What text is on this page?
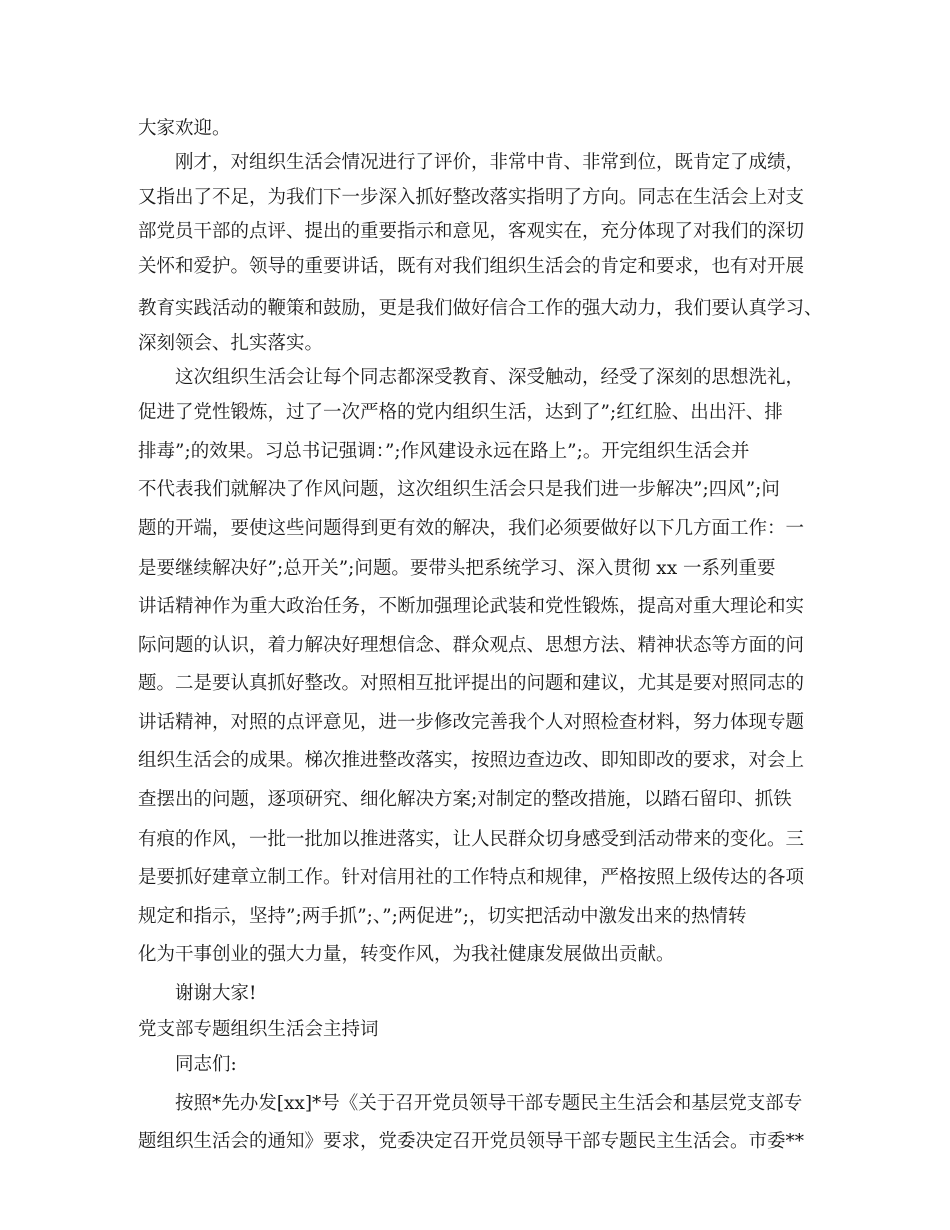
大家欢迎。
刚才，对组织生活会情况进行了评价，非常中肯、非常到位，既肯定了成绩，
又指出了不足，为我们下一步深入抓好整改落实指明了方向。同志在生活会上对支
部党员干部的点评、提出的重要指示和意见，客观实在，充分体现了对我们的深切
关怀和爱护。领导的重要讲话，既有对我们组织生活会的肯定和要求，也有对开展
教育实践活动的鞭策和鼓励，更是我们做好信合工作的强大动力，我们要认真学习、
深刻领会、扎实落实。
这次组织生活会让每个同志都深受教育、深受触动，经受了深刻的思想洗礼，
促进了党性锻炼，过了一次严格的党内组织生活，达到了”;红红脸、出出汗、排
排毒”;的效果。习总书记强调：”;作风建设永远在路上”;。开完组织生活会并
不代表我们就解决了作风问题，这次组织生活会只是我们进一步解决”;四风”;问
题的开端，要使这些问题得到更有效的解决，我们必须要做好以下几方面工作：一
是要继续解决好”;总开关”;问题。要带头把系统学习、深入贯彻 xx 一系列重要
讲话精神作为重大政治任务，不断加强理论武装和党性锻炼，提高对重大理论和实
际问题的认识，着力解决好理想信念、群众观点、思想方法、精神状态等方面的问
题。二是要认真抓好整改。对照相互批评提出的问题和建议，尤其是要对照同志的
讲话精神，对照的点评意见，进一步修改完善我个人对照检查材料，努力体现专题
组织生活会的成果。梯次推进整改落实，按照边查边改、即知即改的要求，对会上
查摆出的问题，逐项研究、细化解决方案;对制定的整改措施，以踏石留印、抓铁
有痕的作风，一批一批加以推进落实，让人民群众切身感受到活动带来的变化。三
是要抓好建章立制工作。针对信用社的工作特点和规律，严格按照上级传达的各项
规定和指示，坚持”;两手抓”;、”;两促进”;，切实把活动中激发出来的热情转
化为干事创业的强大力量，转变作风，为我社健康发展做出贡献。
谢谢大家!
党支部专题组织生活会主持词
同志们:
按照*先办发[xx]*号《关于召开党员领导干部专题民主生活会和基层党支部专
题组织生活会的通知》要求，党委决定召开党员领导干部专题民主生活会。市委**
